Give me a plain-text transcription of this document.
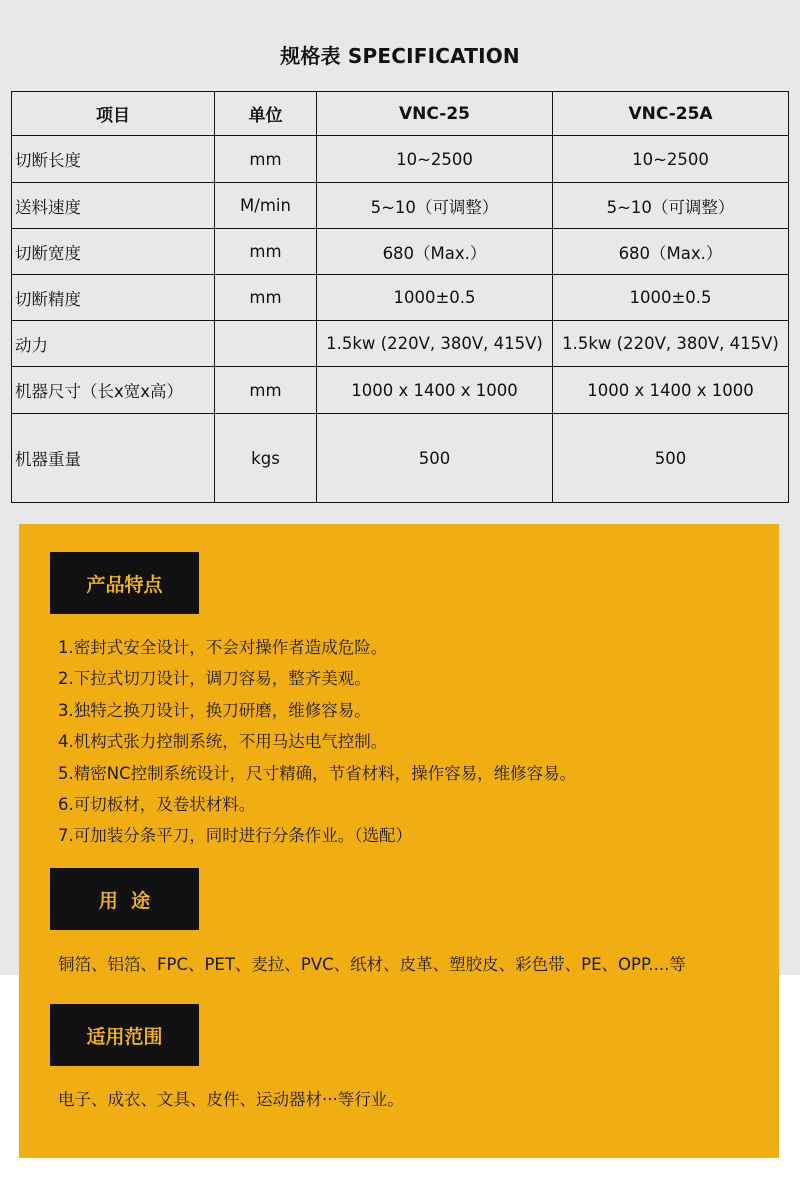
规格表 SPECIFICATION
项目	单位	VNC-25	VNC-25A
切断长度	mm	10~2500	10~2500
送料速度	M/min	5~10（可调整）	5~10（可调整）
切断宽度	mm	680（Max.）	680（Max.）
切断精度	mm	1000±0.5	1000±0.5
动力		1.5kw (220V, 380V, 415V)	1.5kw (220V, 380V, 415V)
机器尺寸（长x宽x高）	mm	1000 x 1400 x 1000	1000 x 1400 x 1000
机器重量	kgs	500	500
产品特点
1.密封式安全设计，不会对操作者造成危险。
2.下拉式切刀设计，调刀容易，整齐美观。
3.独特之换刀设计，换刀研磨，维修容易。
4.机构式张力控制系统，不用马达电气控制。
5.精密NC控制系统设计，尺寸精确，节省材料，操作容易，维修容易。
6.可切板材，及卷状材料。
7.可加装分条平刀，同时进行分条作业。（选配）
用  途
铜箔、铝箔、FPC、PET、麦拉、PVC、纸材、皮革、塑胶皮、彩色带、PE、OPP....等
适用范围
电子、成衣、文具、皮件、运动器材···等行业。
